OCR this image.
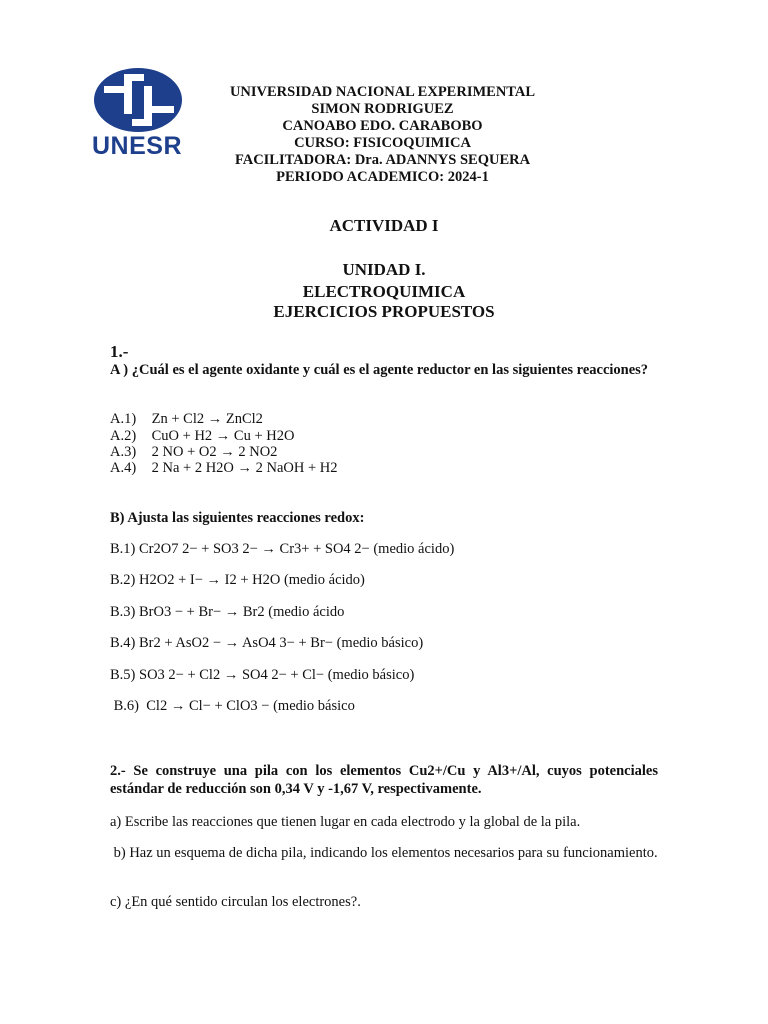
UNESR
UNIVERSIDAD NACIONAL EXPERIMENTAL
SIMON RODRIGUEZ
CANOABO EDO. CARABOBO
CURSO: FISICOQUIMICA
FACILITADORA: Dra. ADANNYS SEQUERA
PERIODO ACADEMICO: 2024-1
ACTIVIDAD I
UNIDAD I.
ELECTROQUIMICA
EJERCICIOS PROPUESTOS
1.-
A ) ¿Cuál es el agente oxidante y cuál es el agente reductor en las siguientes reacciones?
A.1) Zn + Cl2 → ZnCl2
A.2) CuO + H2 → Cu + H2O
A.3) 2 NO + O2 → 2 NO2
A.4) 2 Na + 2 H2O → 2 NaOH + H2
B) Ajusta las siguientes reacciones redox:
B.1) Cr2O7 2− + SO3 2− → Cr3+ + SO4 2− (medio ácido)
B.2) H2O2 + I− → I2 + H2O (medio ácido)
B.3) BrO3 − + Br− → Br2 (medio ácido
B.4) Br2 + AsO2 − → AsO4 3− + Br− (medio básico)
B.5) SO3 2− + Cl2 → SO4 2− + Cl− (medio básico)
B.6)  Cl2 → Cl− + ClO3 − (medio básico
2.- Se construye una pila con los elementos Cu2+/Cu y Al3+/Al, cuyos potenciales estándar de reducción son 0,34 V y -1,67 V, respectivamente.
a) Escribe las reacciones que tienen lugar en cada electrodo y la global de la pila.
b) Haz un esquema de dicha pila, indicando los elementos necesarios para su funcionamiento.
c) ¿En qué sentido circulan los electrones?.
